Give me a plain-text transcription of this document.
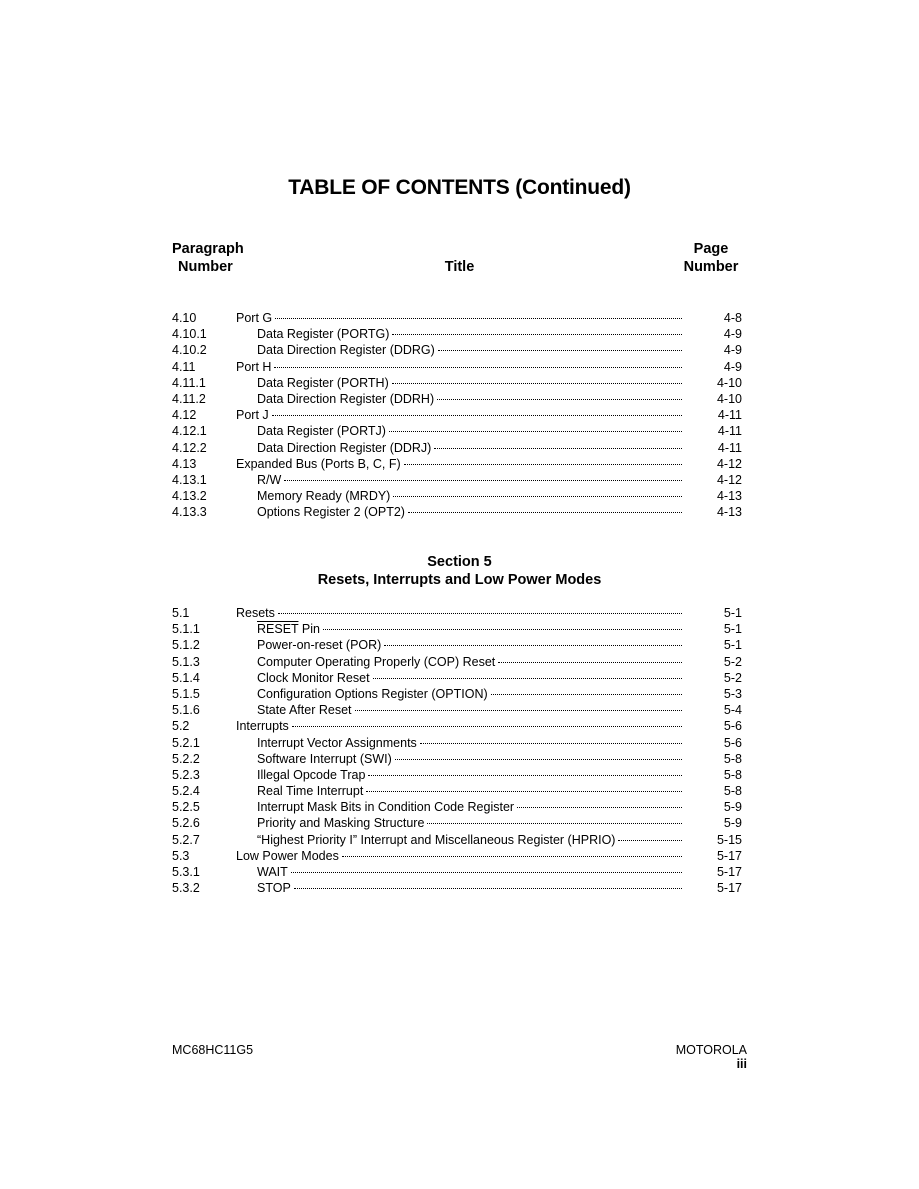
TABLE OF CONTENTS (Continued)
Paragraph
Number	Title
Page
Number
4.10	Port G	4-8
4.10.1	Data Register (PORTG)	4-9
4.10.2	Data Direction Register (DDRG)	4-9
4.11	Port H	4-9
4.11.1	Data Register (PORTH)	4-10
4.11.2	Data Direction Register (DDRH)	4-10
4.12	Port J	4-11
4.12.1	Data Register (PORTJ)	4-11
4.12.2	Data Direction Register (DDRJ)	4-11
4.13	Expanded Bus (Ports B, C, F)	4-12
4.13.1	R/W	4-12
4.13.2	Memory Ready (MRDY)	4-13
4.13.3	Options Register 2 (OPT2)	4-13
Section 5
Resets, Interrupts and Low Power Modes
5.1	Resets	5-1
5.1.1	RESET Pin	5-1
5.1.2	Power-on-reset (POR)	5-1
5.1.3	Computer Operating Properly (COP) Reset	5-2
5.1.4	Clock Monitor Reset	5-2
5.1.5	Configuration Options Register (OPTION)	5-3
5.1.6	State After Reset	5-4
5.2	Interrupts	5-6
5.2.1	Interrupt Vector Assignments	5-6
5.2.2	Software Interrupt (SWI)	5-8
5.2.3	Illegal Opcode Trap	5-8
5.2.4	Real Time Interrupt	5-8
5.2.5	Interrupt Mask Bits in Condition Code Register	5-9
5.2.6	Priority and Masking Structure	5-9
5.2.7	“Highest Priority I” Interrupt and Miscellaneous Register (HPRIO)	5-15
5.3	Low Power Modes	5-17
5.3.1	WAIT	5-17
5.3.2	STOP	5-17
MC68HC11G5	MOTOROLA
iii
